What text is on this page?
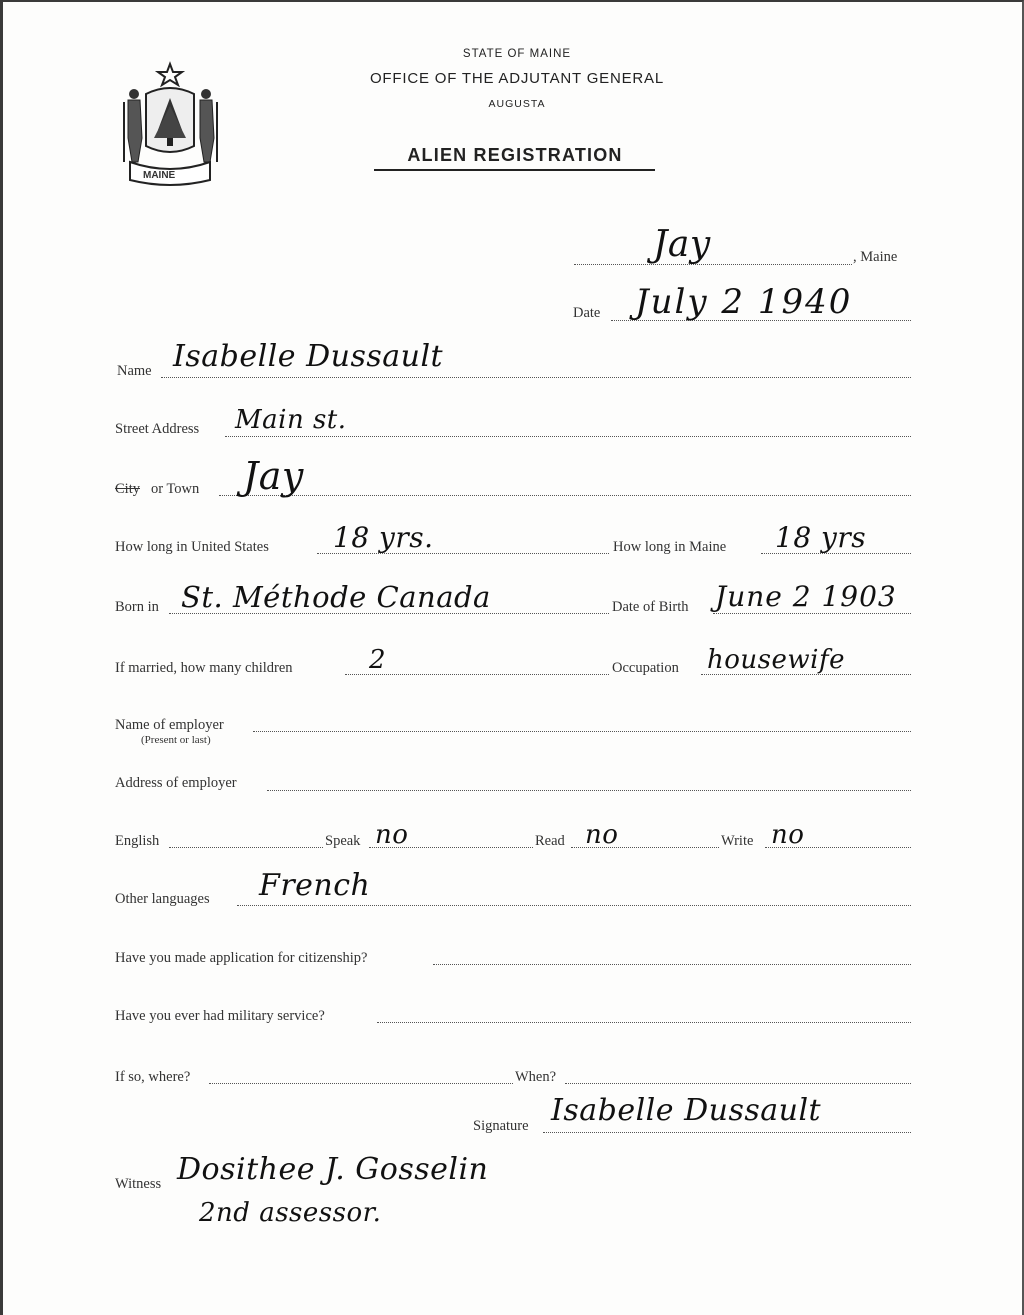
MAINE
STATE OF MAINE
OFFICE OF THE ADJUTANT GENERAL
AUGUSTA
ALIEN REGISTRATION
Jay	, Maine
Date July 2 1940
Name Isabelle Dussault
Street Address Main st.
City or Town Jay
How long in United States 18 yrs.	How long in Maine 18 yrs
Born in St. Méthode Canada	Date of Birth June 2 1903
If married, how many children	2	Occupation housewife
Name of employer
(Present or last)
Address of employer
English	Speak no	Read no	Write no
Other languages French
Have you made application for citizenship?
Have you ever had military service?
If so, where?	When?
Signature Isabelle Dussault
Witness Dosithee J. Gosselin
2nd assessor.
